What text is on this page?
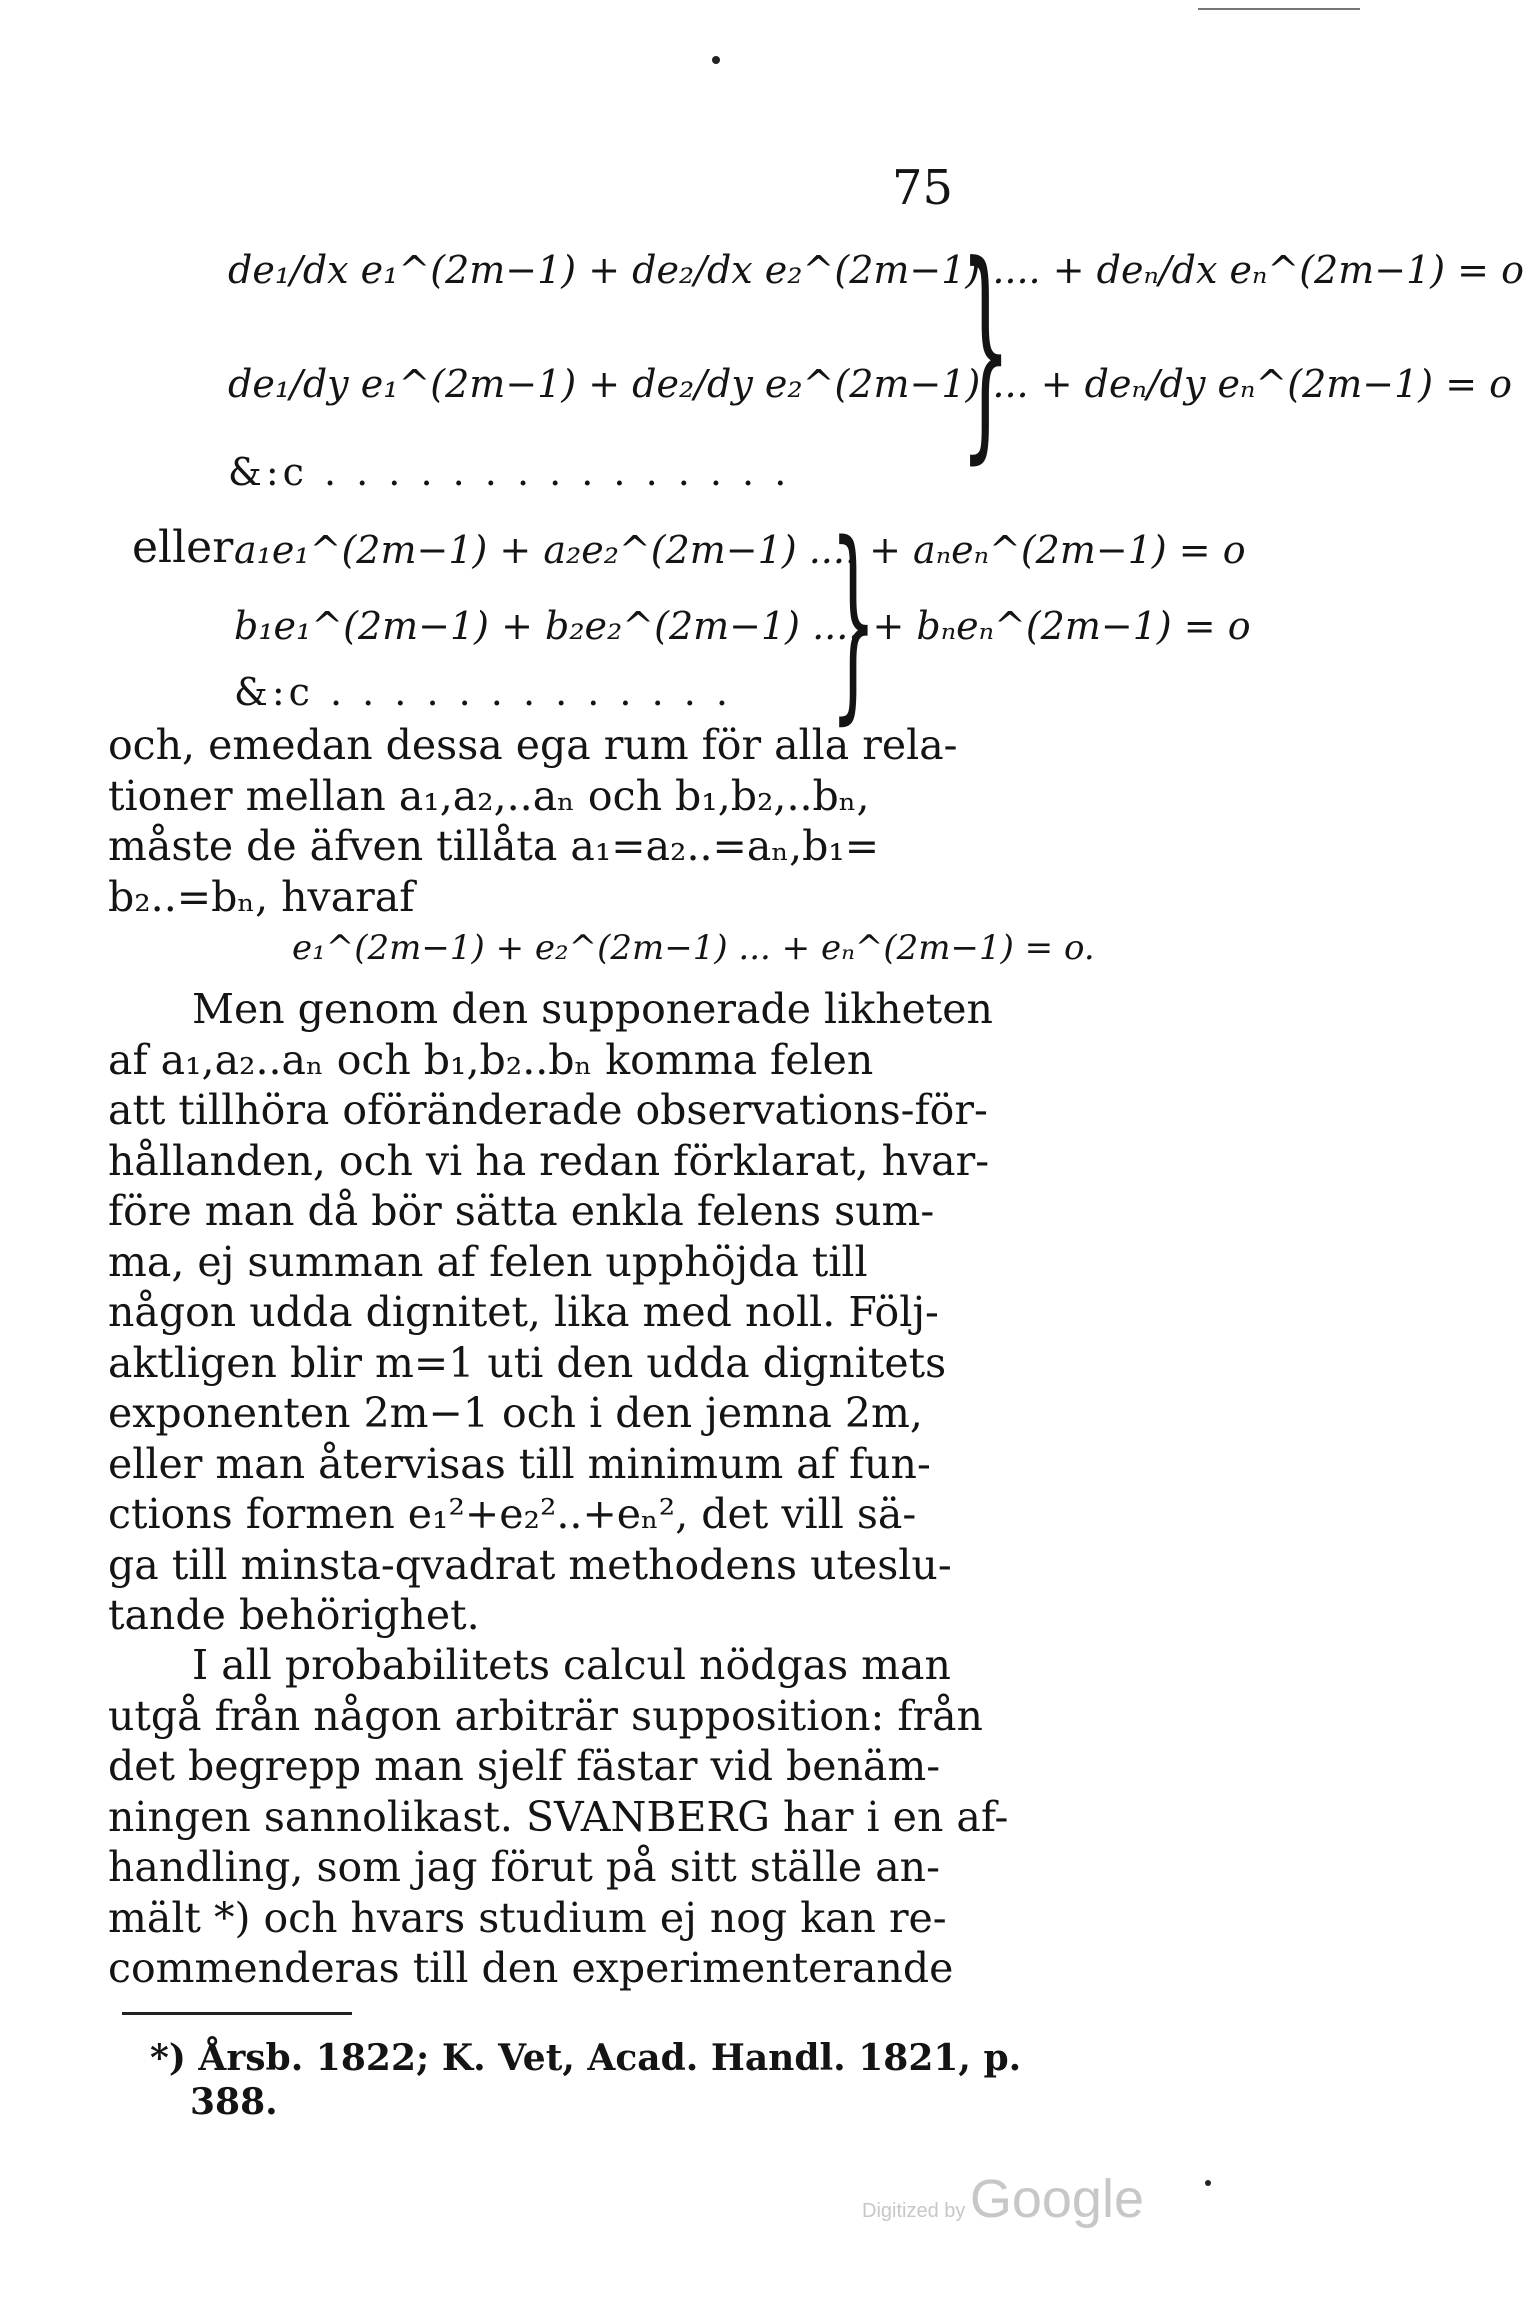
75
de₁/dx e₁^(2m−1) + de₂/dx e₂^(2m−1) .... + deₙ/dx eₙ^(2m−1) = o
de₁/dy e₁^(2m−1) + de₂/dy e₂^(2m−1) ... + deₙ/dy eₙ^(2m−1) = o
&:c . . . . . . . . . . . . . . . }
eller a₁e₁^(2m−1) + a₂e₂^(2m−1) .... + aₙeₙ^(2m−1) = o
b₁e₁^(2m−1) + b₂e₂^(2m−1) .... + bₙeₙ^(2m−1) = o
&:c . . . . . . . . . . . . . }
och, emedan dessa ega rum för alla rela-
tioner mellan a₁,a₂,..aₙ och b₁,b₂,..bₙ,
måste de äfven tillåta a₁=a₂..=aₙ,b₁=
b₂..=bₙ, hvaraf
e₁^(2m−1) + e₂^(2m−1) ... + eₙ^(2m−1) = o.
Men genom den supponerade likheten
af a₁,a₂..aₙ och b₁,b₂..bₙ komma felen
att tillhöra oföränderade observations-för-
hållanden, och vi ha redan förklarat, hvar-
före man då bör sätta enkla felens sum-
ma, ej summan af felen upphöjda till
någon udda dignitet, lika med noll. Följ-
aktligen blir m=1 uti den udda dignitets
exponenten 2m−1 och i den jemna 2m,
eller man återvisas till minimum af fun-
ctions formen e₁²+e₂²..+eₙ², det vill sä-
ga till minsta-qvadrat methodens uteslu-
tande behörighet.
I all probabilitets calcul nödgas man
utgå från någon arbiträr supposition: från
det begrepp man sjelf fästar vid benäm-
ningen sannolikast. SVANBERG har i en af-
handling, som jag förut på sitt ställe an-
mält *) och hvars studium ej nog kan re-
commenderas till den experimenterande
*) Årsb. 1822; K. Vet, Acad. Handl. 1821, p.
388.
Digitized by Google
